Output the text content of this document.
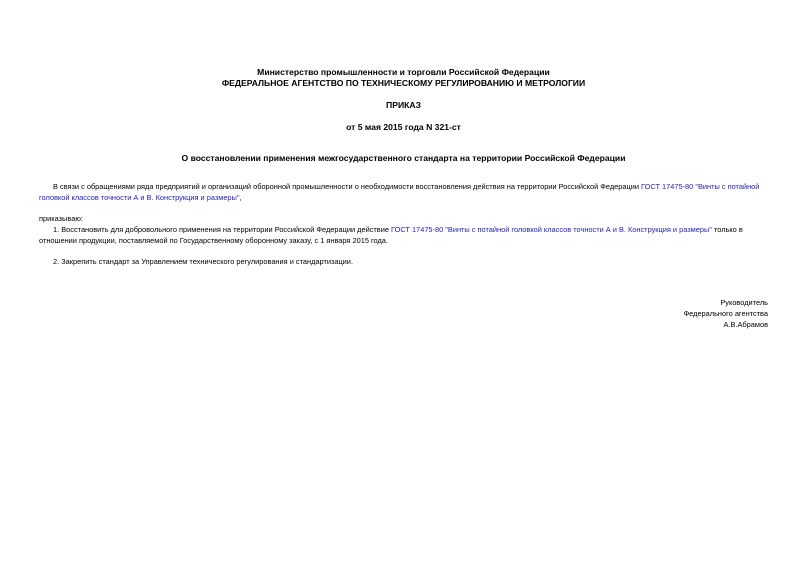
Министерство промышленности и торговли Российской Федерации
ФЕДЕРАЛЬНОЕ АГЕНТСТВО ПО ТЕХНИЧЕСКОМУ РЕГУЛИРОВАНИЮ И МЕТРОЛОГИИ
ПРИКАЗ
от 5 мая 2015 года N 321-ст
О восстановлении применения межгосударственного стандарта на территории Российской Федерации
В связи с обращениями ряда предприятий и организаций оборонной промышленности о необходимости восстановления действия на территории Российской Федерации ГОСТ 17475-80 "Винты с потайной головкой классов точности А и В. Конструкция и размеры",
приказываю:
1. Восстановить для добровольного применения на территории Российской Федерации действие ГОСТ 17475-80 "Винты с потайной головкой классов точности А и В. Конструкция и размеры" только в отношении продукции, поставляемой по Государственному оборонному заказу, с 1 января 2015 года.
2. Закрепить стандарт за Управлением технического регулирования и стандартизации.
Руководитель
Федерального агентства
А.В.Абрамов
